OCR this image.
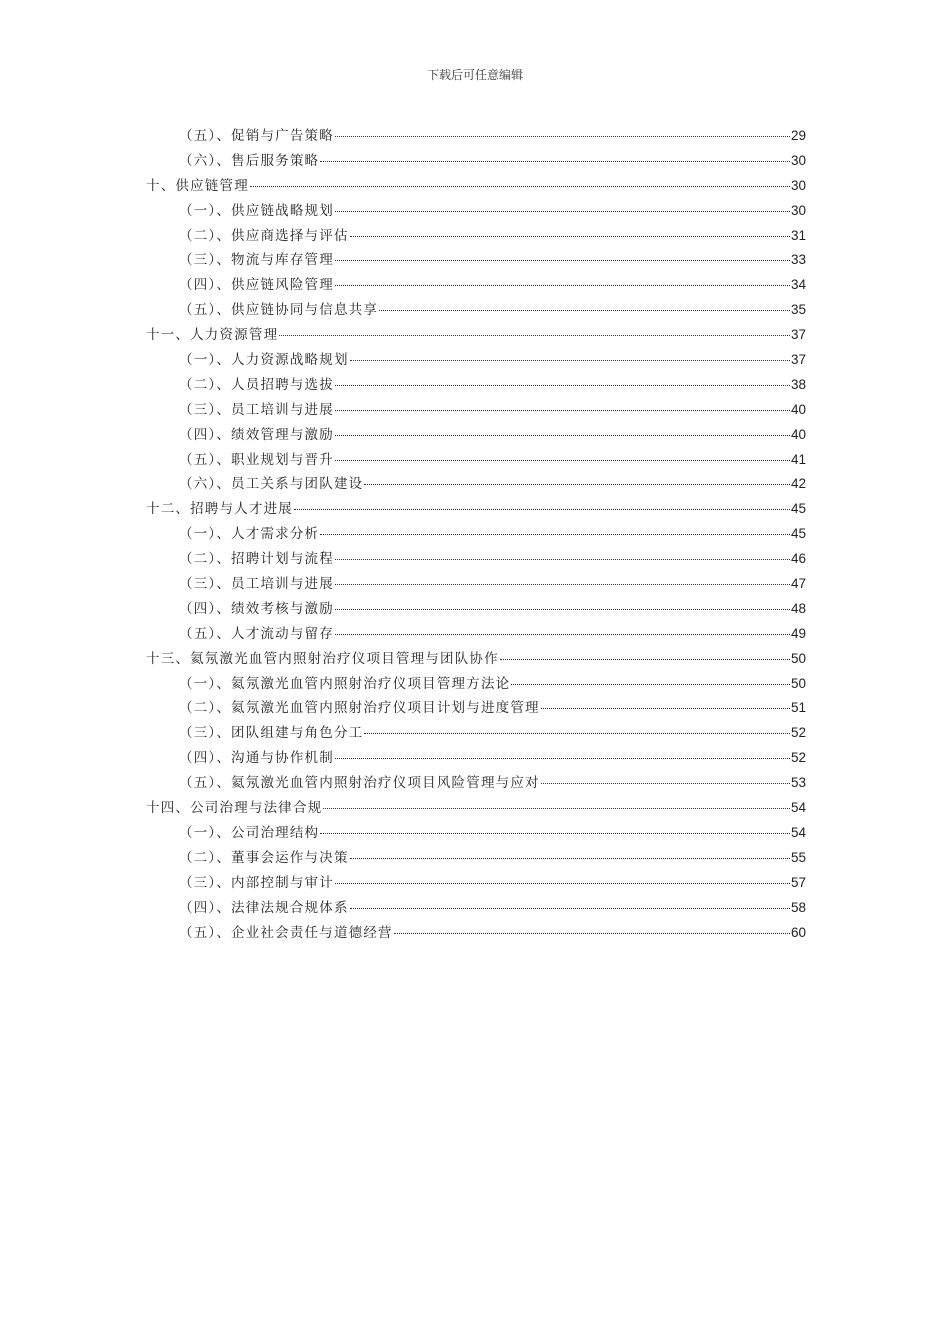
下载后可任意编辑
（五）、促销与广告策略	29
（六）、售后服务策略	30
十、供应链管理	30
（一）、供应链战略规划	30
（二）、供应商选择与评估	31
（三）、物流与库存管理	33
（四）、供应链风险管理	34
（五）、供应链协同与信息共享	35
十一、人力资源管理	37
（一）、人力资源战略规划	37
（二）、人员招聘与选拔	38
（三）、员工培训与进展	40
（四）、绩效管理与激励	40
（五）、职业规划与晋升	41
（六）、员工关系与团队建设	42
十二、招聘与人才进展	45
（一）、人才需求分析	45
（二）、招聘计划与流程	46
（三）、员工培训与进展	47
（四）、绩效考核与激励	48
（五）、人才流动与留存	49
十三、氦氖激光血管内照射治疗仪项目管理与团队协作	50
（一）、氦氖激光血管内照射治疗仪项目管理方法论	50
（二）、氦氖激光血管内照射治疗仪项目计划与进度管理	51
（三）、团队组建与角色分工	52
（四）、沟通与协作机制	52
（五）、氦氖激光血管内照射治疗仪项目风险管理与应对	53
十四、公司治理与法律合规	54
（一）、公司治理结构	54
（二）、董事会运作与决策	55
（三）、内部控制与审计	57
（四）、法律法规合规体系	58
（五）、企业社会责任与道德经营	60
